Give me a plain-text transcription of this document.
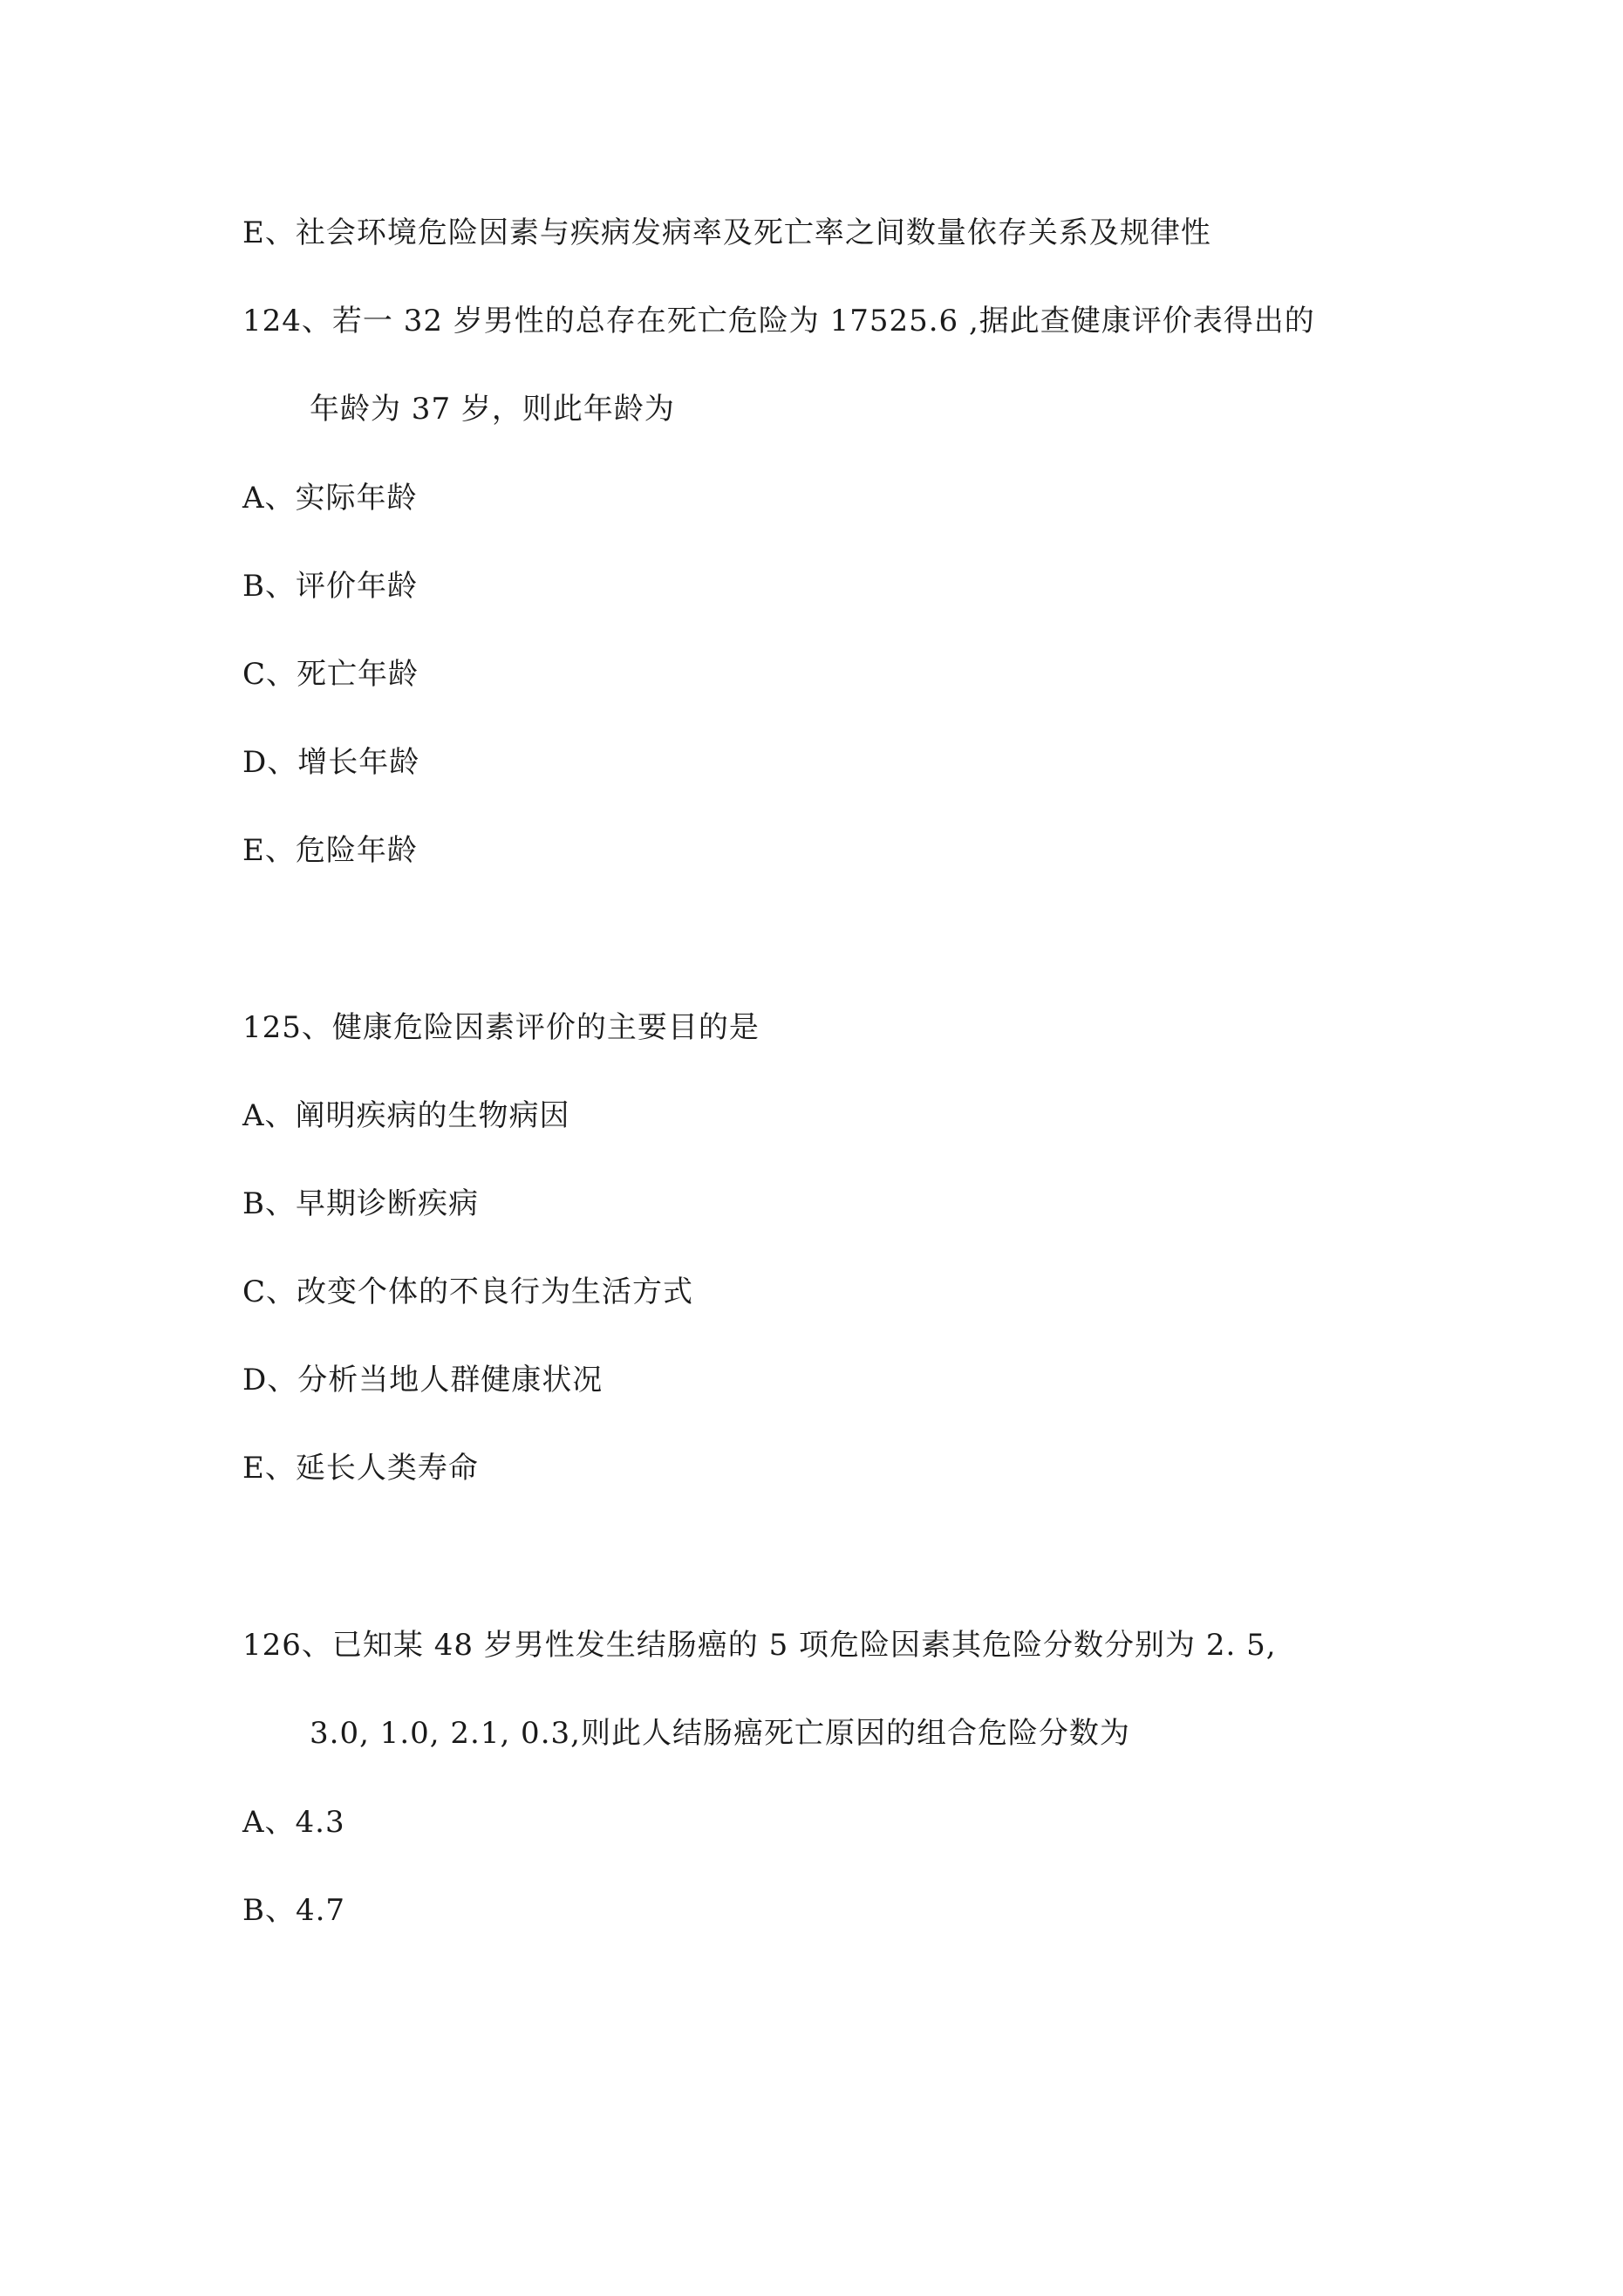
E、社会环境危险因素与疾病发病率及死亡率之间数量依存关系及规律性
124、若一 32 岁男性的总存在死亡危险为 17525.6 ,据此查健康评价表得出的
年龄为 37 岁，则此年龄为
A、实际年龄
B、评价年龄
C、死亡年龄
D、增长年龄
E、危险年龄
125、健康危险因素评价的主要目的是
A、阐明疾病的生物病因
B、早期诊断疾病
C、改变个体的不良行为生活方式
D、分析当地人群健康状况
E、延长人类寿命
126、已知某 48 岁男性发生结肠癌的 5 项危险因素其危险分数分别为 2. 5,
3.0, 1.0, 2.1, 0.3,则此人结肠癌死亡原因的组合危险分数为
A、4.3
B、4.7
